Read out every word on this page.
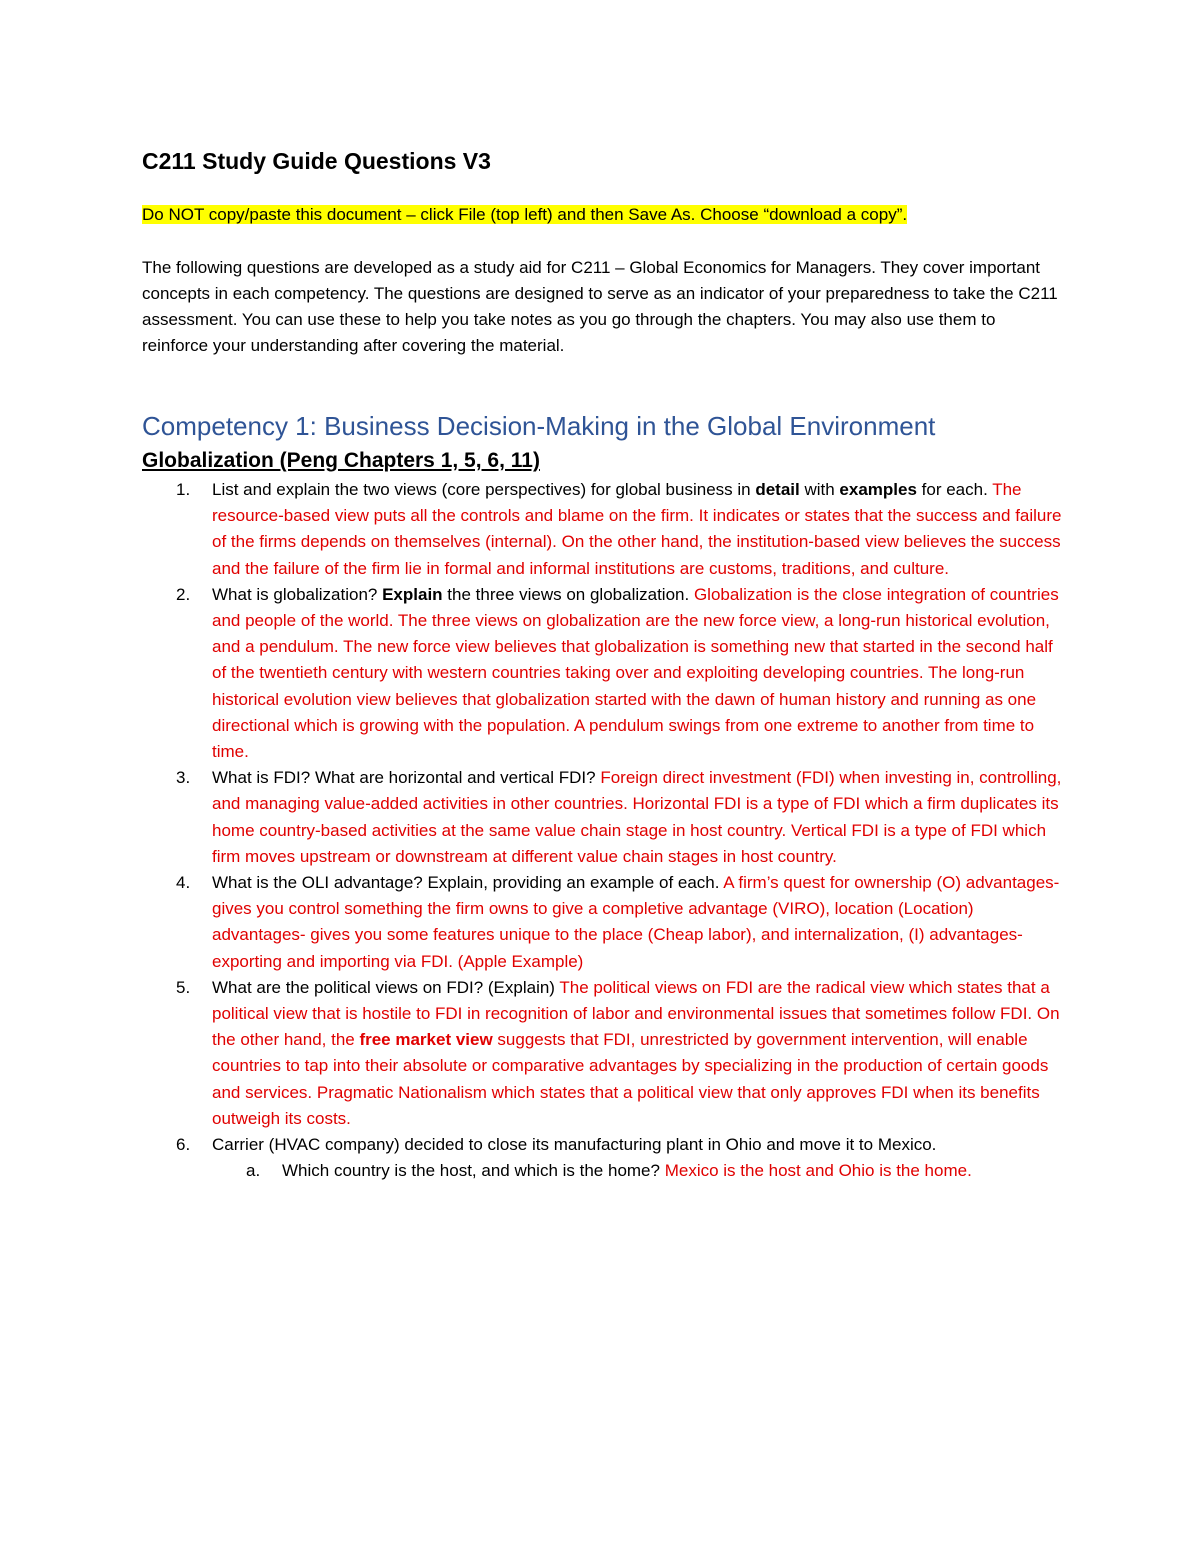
C211 Study Guide Questions V3
Do NOT copy/paste this document – click File (top left) and then Save As. Choose “download a copy”.

The following questions are developed as a study aid for C211 – Global Economics for Managers. They cover important concepts in each competency. The questions are designed to serve as an indicator of your preparedness to take the C211 assessment. You can use these to help you take notes as you go through the chapters. You may also use them to reinforce your understanding after covering the material.

Competency 1: Business Decision-Making in the Global Environment
Globalization (Peng Chapters 1, 5, 6, 11)
1. List and explain the two views (core perspectives) for global business in detail with examples for each. The resource-based view puts all the controls and blame on the firm. It indicates or states that the success and failure of the firms depends on themselves (internal). On the other hand, the institution-based view believes the success and the failure of the firm lie in formal and informal institutions are customs, traditions, and culture.
2. What is globalization? Explain the three views on globalization. Globalization is the close integration of countries and people of the world. The three views on globalization are the new force view, a long-run historical evolution, and a pendulum. The new force view believes that globalization is something new that started in the second half of the twentieth century with western countries taking over and exploiting developing countries. The long-run historical evolution view believes that globalization started with the dawn of human history and running as one directional which is growing with the population. A pendulum swings from one extreme to another from time to time.
3. What is FDI? What are horizontal and vertical FDI? Foreign direct investment (FDI) when investing in, controlling, and managing value-added activities in other countries. Horizontal FDI is a type of FDI which a firm duplicates its home country-based activities at the same value chain stage in host country. Vertical FDI is a type of FDI which firm moves upstream or downstream at different value chain stages in host country.
4. What is the OLI advantage? Explain, providing an example of each. A firm’s quest for ownership (O) advantages- gives you control something the firm owns to give a completive advantage (VIRO), location (Location) advantages- gives you some features unique to the place (Cheap labor), and internalization, (I) advantages- exporting and importing via FDI. (Apple Example)
5. What are the political views on FDI? (Explain) The political views on FDI are the radical view which states that a political view that is hostile to FDI in recognition of labor and environmental issues that sometimes follow FDI. On the other hand, the free market view suggests that FDI, unrestricted by government intervention, will enable countries to tap into their absolute or comparative advantages by specializing in the production of certain goods and services. Pragmatic Nationalism which states that a political view that only approves FDI when its benefits outweigh its costs.
6. Carrier (HVAC company) decided to close its manufacturing plant in Ohio and move it to Mexico.
a. Which country is the host, and which is the home? Mexico is the host and Ohio is the home.
